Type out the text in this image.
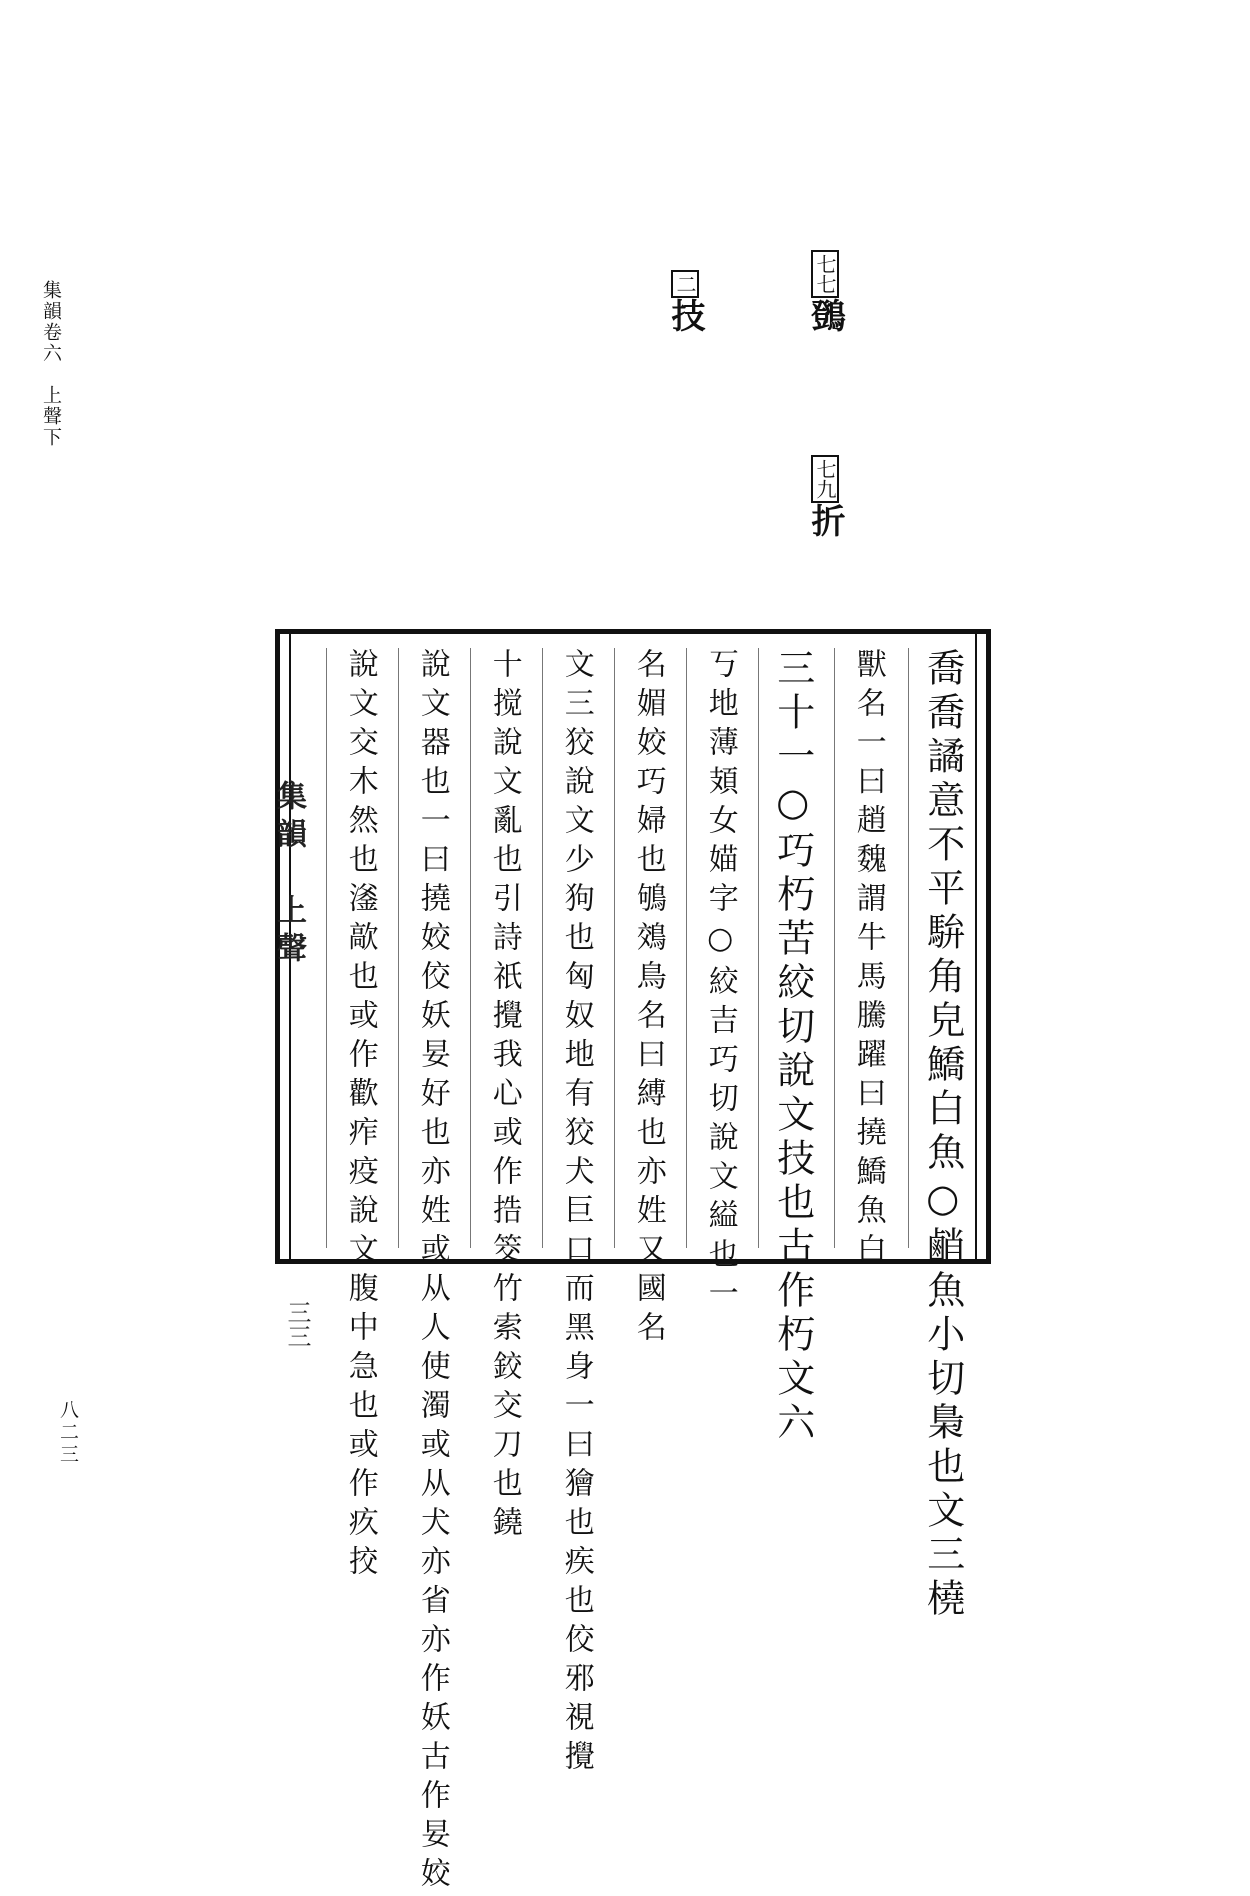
集韻卷六　上聲下
八二三
七七䳾
七九折
二技
集韻　上聲
三三	喬喬譎意不平䮁角皃鱎白魚○䴛魚小切梟也文三橈
獸名一曰趙魏謂牛馬騰躍曰撓鱎魚白
三十一○巧朽苦絞切說文技也古作朽文六
丂地薄頍女媌字○絞吉巧切說文縊也一
名媚姣巧婦也鴝鵁鳥名曰縛也亦姓又國名
文三狡說文少狗也匈奴地有狡犬巨口而黑身一曰獪也疾也佼邪視攪
十搅說文亂也引詩祇攪我心或作捁筊竹索鉸交刀也鐃
說文器也一曰撓姣佼妖妟好也亦姓或从人使濁或从犬亦省亦作妖古作妟姣
說文交木然也㵚歊也或作歡痄疫說文腹中急也或作疚挍
